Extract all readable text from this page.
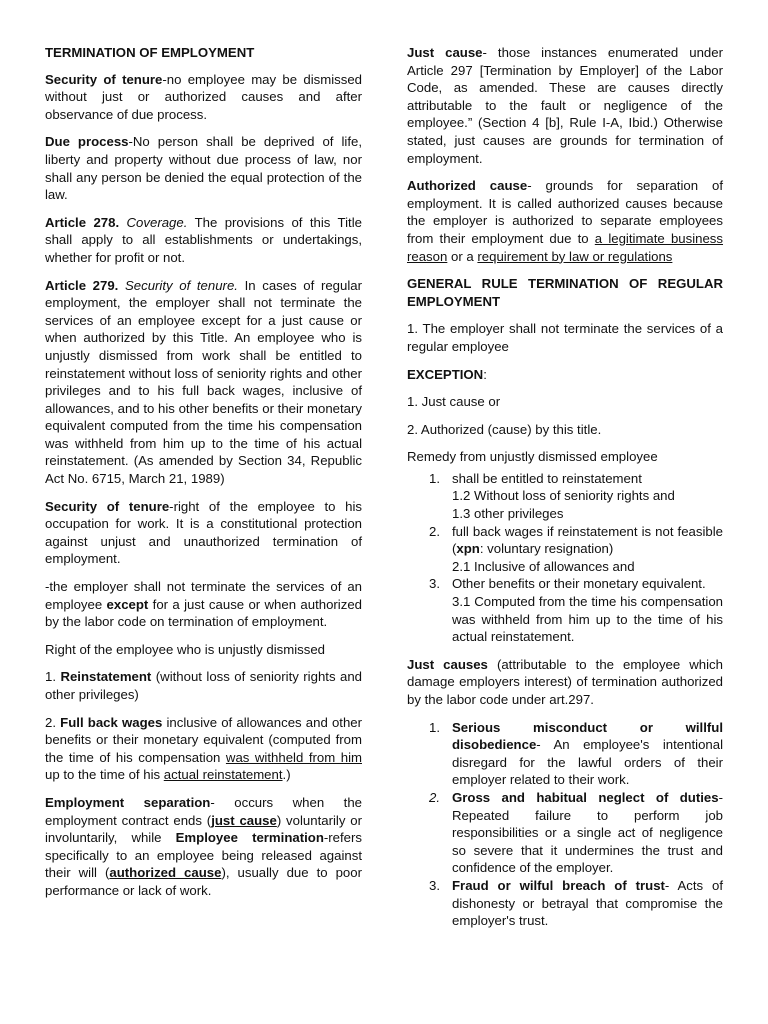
TERMINATION OF EMPLOYMENT

Security of tenure-no employee may be dismissed without just or authorized causes and after observance of due process.

Due process-No person shall be deprived of life, liberty and property without due process of law, nor shall any person be denied the equal protection of the law.

Article 278. Coverage. The provisions of this Title shall apply to all establishments or undertakings, whether for profit or not.

Article 279. Security of tenure. In cases of regular employment, the employer shall not terminate the services of an employee except for a just cause or when authorized by this Title. An employee who is unjustly dismissed from work shall be entitled to reinstatement without loss of seniority rights and other privileges and to his full back wages, inclusive of allowances, and to his other benefits or their monetary equivalent computed from the time his compensation was withheld from him up to the time of his actual reinstatement. (As amended by Section 34, Republic Act No. 6715, March 21, 1989)

Security of tenure-right of the employee to his occupation for work. It is a constitutional protection against unjust and unauthorized termination of employment.

-the employer shall not terminate the services of an employee except for a just cause or when authorized by the labor code on termination of employment.

Right of the employee who is unjustly dismissed

1. Reinstatement (without loss of seniority rights and other privileges)

2. Full back wages inclusive of allowances and other benefits or their monetary equivalent (computed from the time of his compensation was withheld from him up to the time of his actual reinstatement.)

Employment separation- occurs when the employment contract ends (just cause) voluntarily or involuntarily, while Employee termination-refers specifically to an employee being released against their will (authorized cause), usually due to poor performance or lack of work.

Just cause- those instances enumerated under Article 297 [Termination by Employer] of the Labor Code, as amended. These are causes directly attributable to the fault or negligence of the employee.” (Section 4 [b], Rule I-A, Ibid.) Otherwise stated, just causes are grounds for termination of employment.

Authorized cause- grounds for separation of employment. It is called authorized causes because the employer is authorized to separate employees from their employment due to a legitimate business reason or a requirement by law or regulations

GENERAL RULE TERMINATION OF REGULAR EMPLOYMENT

1. The employer shall not terminate the services of a regular employee

EXCEPTION:

1. Just cause or

2. Authorized (cause) by this title.

Remedy from unjustly dismissed employee

1. shall be entitled to reinstatement
1.2 Without loss of seniority rights and
1.3 other privileges
2. full back wages if reinstatement is not feasible (xpn: voluntary resignation)
2.1 Inclusive of allowances and
3. Other benefits or their monetary equivalent.
3.1 Computed from the time his compensation was withheld from him up to the time of his actual reinstatement.

Just causes (attributable to the employee which damage employers interest) of termination authorized by the labor code under art.297.

1. Serious misconduct or willful disobedience- An employee's intentional disregard for the lawful orders of their employer related to their work.
2. Gross and habitual neglect of duties- Repeated failure to perform job responsibilities or a single act of negligence so severe that it undermines the trust and confidence of the employer.
3. Fraud or wilful breach of trust- Acts of dishonesty or betrayal that compromise the employer's trust.
